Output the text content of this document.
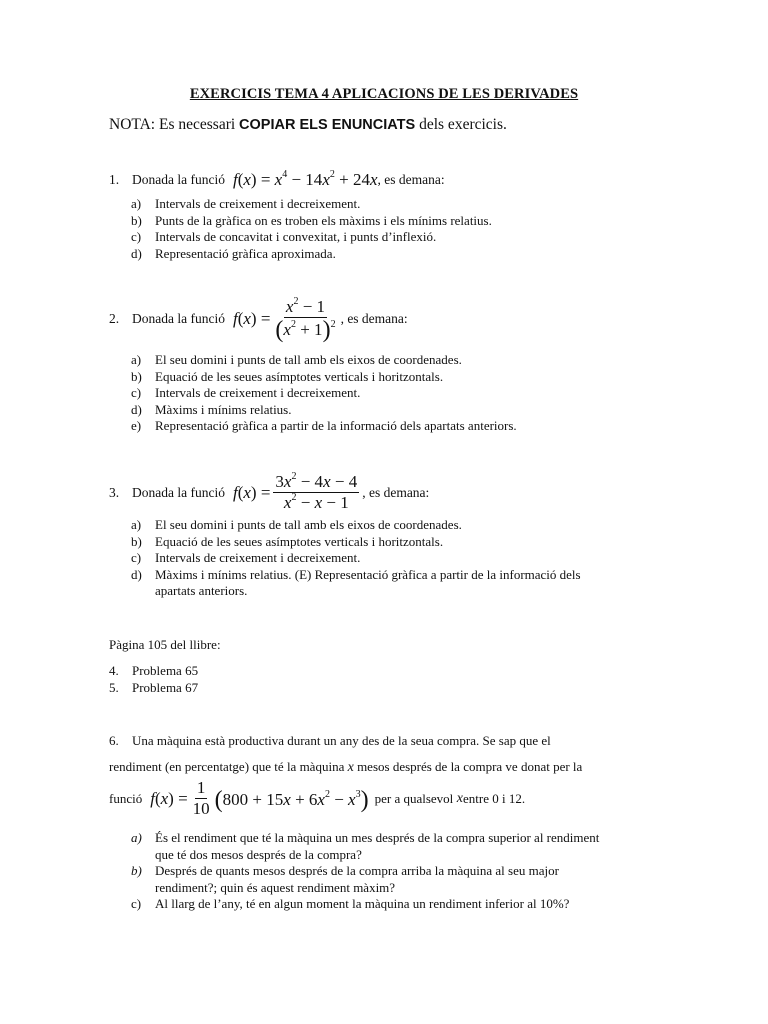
EXERCICIS TEMA 4 APLICACIONS DE LES DERIVADES
NOTA: Es necessari COPIAR ELS ENUNCIATS dels exercicis.
1. Donada la funció $f(x) = x^4 - 14x^2 + 24x$ , es demana:
a) Intervals de creixement i decreixement.
b) Punts de la gràfica on es troben els màxims i els mínims relatius.
c) Intervals de concavitat i convexitat, i punts d’inflexió.
d) Representació gràfica aproximada.
2. Donada la funció $f(x) = \frac{x^2 - 1}{(x^2 + 1)^2}$ , es demana:
a) El seu domini i punts de tall amb els eixos de coordenades.
b) Equació de les seues asímptotes verticals i horitzontals.
c) Intervals de creixement i decreixement.
d) Màxims i mínims relatius.
e) Representació gràfica a partir de la informació dels apartats anteriors.
3. Donada la funció $f(x) = \frac{3x^2 - 4x - 4}{x^2 - x - 1}$ , es demana:
a) El seu domini i punts de tall amb els eixos de coordenades.
b) Equació de les seues asímptotes verticals i horitzontals.
c) Intervals de creixement i decreixement.
d) Màxims i mínims relatius. (E) Representació gràfica a partir de la informació dels
apartats anteriors.
Pàgina 105 del llibre:
4. Problema 65
5. Problema 67
6. Una màquina està productiva durant un any des de la seua compra. Se sap que el
rendiment (en percentatge) que té la màquina x mesos després de la compra ve donat per la
funció $f(x) = \frac{1}{10} (800 + 15x + 6x^2 - x^3)$ per a qualsevol x entre 0 i 12.
a) És el rendiment que té la màquina un mes després de la compra superior al rendiment
que té dos mesos després de la compra?
b) Després de quants mesos després de la compra arriba la màquina al seu major
rendiment?; quin és aquest rendiment màxim?
c) Al llarg de l’any, té en algun moment la màquina un rendiment inferior al 10%?
